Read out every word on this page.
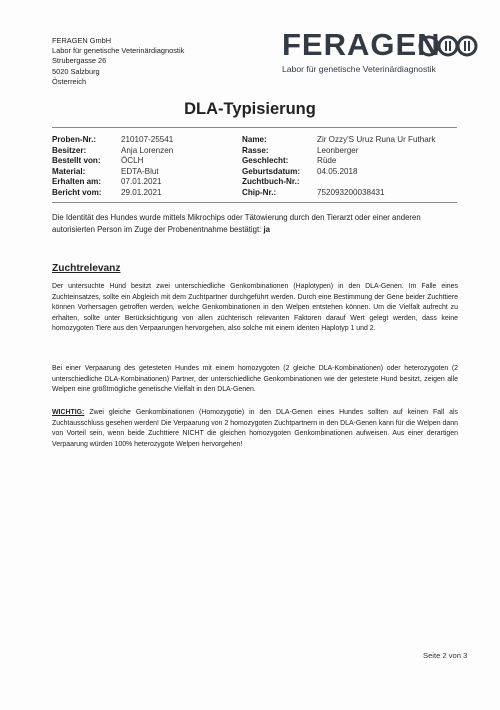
FERAGEN GmbH
Labor für genetische Veterinärdiagnostik
Strubergasse 26
5020 Salzburg
Österreich
FERAGEN
Labor für genetische Veterinärdiagnostik
DLA-Typisierung
Proben-Nr.:	210107-25541
Besitzer:	Anja Lorenzen
Bestellt von:	ÖCLH
Material:	EDTA-Blut
Erhalten am:	07.01.2021
Bericht vom:	29.01.2021
Name:	Zir Ozzy'S Uruz Runa Ur Futhark
Rasse:	Leonberger
Geschlecht:	Rüde
Geburtsdatum:	04.05.2018
Zuchtbuch-Nr.:
Chip-Nr.:	752093200038431
Die Identität des Hundes wurde mittels Mikrochips oder Tätowierung durch den Tierarzt oder einer anderen autorisierten Person im Zuge der Probenentnahme bestätigt: ja
Zuchtrelevanz
Der untersuchte Hund besitzt zwei unterschiedliche Genkombinationen (Haplotypen) in den DLA-Genen. Im Falle eines Zuchteinsatzes, sollte ein Abgleich mit dem Zuchtpartner durchgeführt werden. Durch eine Bestimmung der Gene beider Zuchttiere können Vorhersagen getroffen werden, welche Genkombinationen in den Welpen entstehen können. Um die Vielfalt aufrecht zu erhalten, sollte unter Berücksichtigung von allen züchterisch relevanten Faktoren darauf Wert gelegt werden, dass keine homozygoten Tiere aus den Verpaarungen hervorgehen, also solche mit einem identen Haplotyp 1 und 2.
Bei einer Verpaarung des getesteten Hundes mit einem homozygoten (2 gleiche DLA-Kombinationen) oder heterozygoten (2 unterschiedliche DLA-Kombinationen) Partner, der unterschiedliche Genkombinationen wie der getestete Hund besitzt, zeigen alle Welpen eine größtmögliche genetische Vielfalt in den DLA-Genen.
WICHTIG: Zwei gleiche Genkombinationen (Homozygotie) in den DLA-Genen eines Hundes sollten auf keinen Fall als Zuchtausschluss gesehen werden! Die Verpaarung von 2 homozygoten Zuchtpartnern in den DLA-Genen kann für die Welpen dann von Vorteil sein, wenn beide Zuchttiere NICHT die gleichen homozygoten Genkombinationen aufweisen. Aus einer derartigen Verpaarung würden 100% heterozygote Welpen hervorgehen!
Seite 2 von 3
